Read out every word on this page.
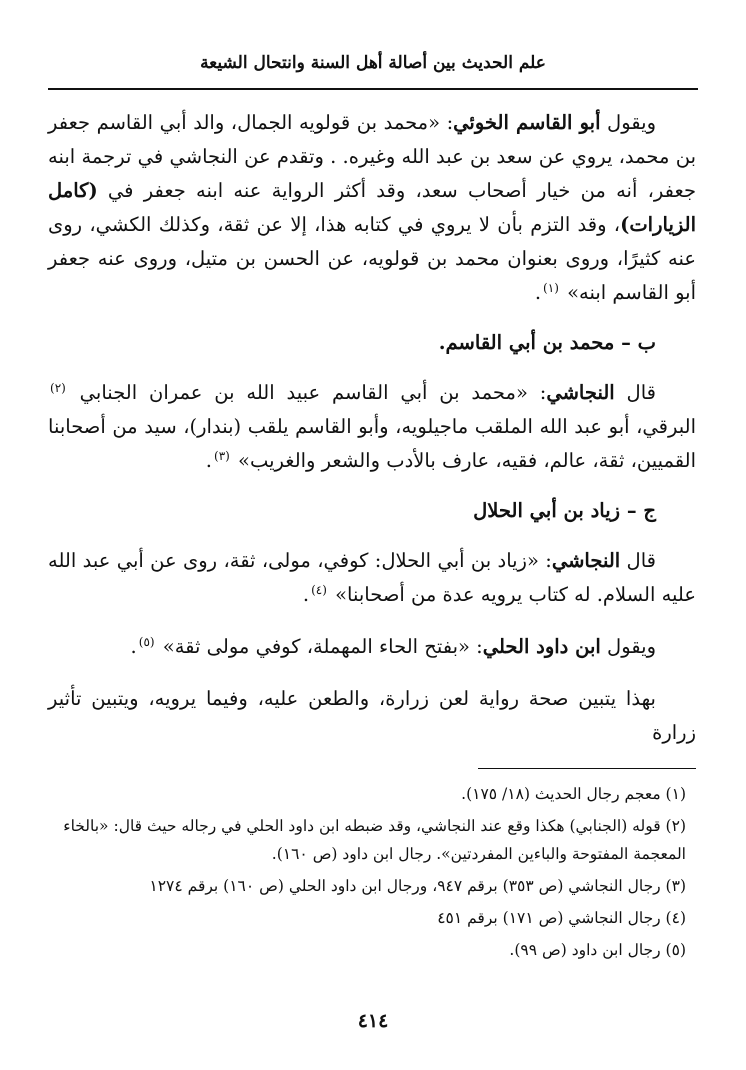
علم الحديث بين أصالة أهل السنة وانتحال الشيعة

ويقول أبو القاسم الخوئي: «محمد بن قولويه الجمال، والد أبي القاسم جعفر بن محمد، يروي عن سعد بن عبد الله وغيره. . وتقدم عن النجاشي في ترجمة ابنه جعفر، أنه من خيار أصحاب سعد، وقد أكثر الرواية عنه ابنه جعفر في (كامل الزيارات)، وقد التزم بأن لا يروي في كتابه هذا، إلا عن ثقة، وكذلك الكشي، روى عنه كثيرًا، وروى بعنوان محمد بن قولويه، عن الحسن بن متيل، وروى عنه جعفر أبو القاسم ابنه» $^{(١)}$.

ب – محمد بن أبي القاسم.

قال النجاشي: «محمد بن أبي القاسم عبيد الله بن عمران الجنابي $^{(٢)}$ البرقي، أبو عبد الله الملقب ماجيلويه، وأبو القاسم يلقب (بندار)، سيد من أصحابنا القميين، ثقة، عالم، فقيه، عارف بالأدب والشعر والغريب» $^{(٣)}$.

ج – زياد بن أبي الحلال

قال النجاشي: «زياد بن أبي الحلال: كوفي، مولى، ثقة، روى عن أبي عبد الله عليه السلام. له كتاب يرويه عدة من أصحابنا» $^{(٤)}$.

ويقول ابن داود الحلي: «بفتح الحاء المهملة، كوفي مولى ثقة» $^{(٥)}$.

بهذا يتبين صحة رواية لعن زرارة، والطعن عليه، وفيما يرويه، ويتبين تأثير زرارة

(١) معجم رجال الحديث (١٨/ ١٧٥).

(٢) قوله (الجنابي) هكذا وقع عند النجاشي، وقد ضبطه ابن داود الحلي في رجاله حيث قال: «بالخاء المعجمة المفتوحة والباءين المفردتين». رجال ابن داود (ص ١٦٠).

(٣) رجال النجاشي (ص ٣٥٣) برقم ٩٤٧، ورجال ابن داود الحلي (ص ١٦٠) برقم ١٢٧٤

(٤) رجال النجاشي (ص ١٧١) برقم ٤٥١

(٥) رجال ابن داود (ص ٩٩).

٤١٤
